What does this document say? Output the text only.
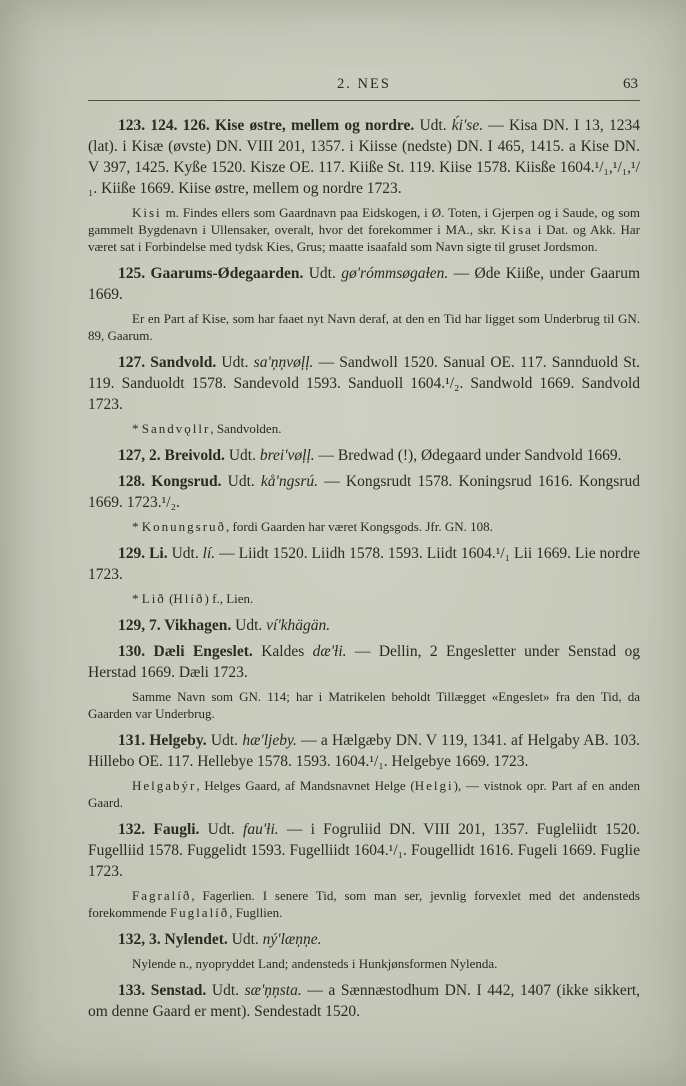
2. NES	63

123. 124. 126. Kise østre, mellem og nordre. Udt. ḱi'se. — Kisa DN. I 13, 1234 (lat). i Kisæ (øvste) DN. VIII 201, 1357. i Kiisse (nedste) DN. I 465, 1415. a Kise DN. V 397, 1425. Kyße 1520. Kisze OE. 117. Kiiße St. 119. Kiise 1578. Kiisße 1604.¹/₁,¹/₁,¹/₁. Kiiße 1669. Kiise østre, mellem og nordre 1723.

Kisi m. Findes ellers som Gaardnavn paa Eidskogen, i Ø. Toten, i Gjerpen og i Saude, og som gammelt Bygdenavn i Ullensaker, overalt, hvor det forekommer i MA., skr. Kisa i Dat. og Akk. Har været sat i Forbindelse med tydsk Kies, Grus; maatte isaafald som Navn sigte til gruset Jordsmon.

125. Gaarums-Ødegaarden. Udt. gø'rómmsøgaƚen. — Øde Kiiße, under Gaarum 1669.

Er en Part af Kise, som har faaet nyt Navn deraf, at den en Tid har ligget som Underbrug til GN. 89, Gaarum.

127. Sandvold. Udt. sa'ņņvøļļ. — Sandwoll 1520. Sanual OE. 117. Sannduold St. 119. Sanduoldt 1578. Sandevold 1593. Sanduoll 1604.¹/₂. Sandwold 1669. Sandvold 1723.

* Sandvǫllr, Sandvolden.

127, 2. Breivold. Udt. brei'vøļļ. — Bredwad (!), Ødegaard under Sandvold 1669.

128. Kongsrud. Udt. kå'ngsrú. — Kongsrudt 1578. Koningsrud 1616. Kongsrud 1669. 1723.¹/₂.

* Konungsruð, fordi Gaarden har været Kongsgods. Jfr. GN. 108.

129. Li. Udt. lí. — Liidt 1520. Liidh 1578. 1593. Liidt 1604.¹/₁ Lii 1669. Lie nordre 1723.

* Lið (Hlíð) f., Lien.

129, 7. Vikhagen. Udt. ví'khägän.

130. Dæli Engeslet. Kaldes dæ'ƚi. — Dellin, 2 Engesletter under Senstad og Herstad 1669. Dæli 1723.

Samme Navn som GN. 114; har i Matrikelen beholdt Tillægget «Engeslet» fra den Tid, da Gaarden var Underbrug.

131. Helgeby. Udt. hæ'ljeby. — a Hælgæby DN. V 119, 1341. af Helgaby AB. 103. Hillebo OE. 117. Hellebye 1578. 1593. 1604.¹/₁. Helgebye 1669. 1723.

Helgabýr, Helges Gaard, af Mandsnavnet Helge (Helgi), — vistnok opr. Part af en anden Gaard.

132. Faugli. Udt. fau'ƚi. — i Fogruliid DN. VIII 201, 1357. Fugleliidt 1520. Fugelliid 1578. Fuggelidt 1593. Fugelliidt 1604.¹/₁. Fougellidt 1616. Fugeli 1669. Fuglie 1723.

Fagralíð, Fagerlien. I senere Tid, som man ser, jevnlig forvexlet med det andensteds forekommende Fuglalíð, Fugllien.

132, 3. Nylendet. Udt. ný'læņņe.

Nylende n., nyopryddet Land; andensteds i Hunkjønsformen Nylenda.

133. Senstad. Udt. sæ'ņņsta. — a Sænnæstodhum DN. I 442, 1407 (ikke sikkert, om denne Gaard er ment). Sendestadt 1520.
